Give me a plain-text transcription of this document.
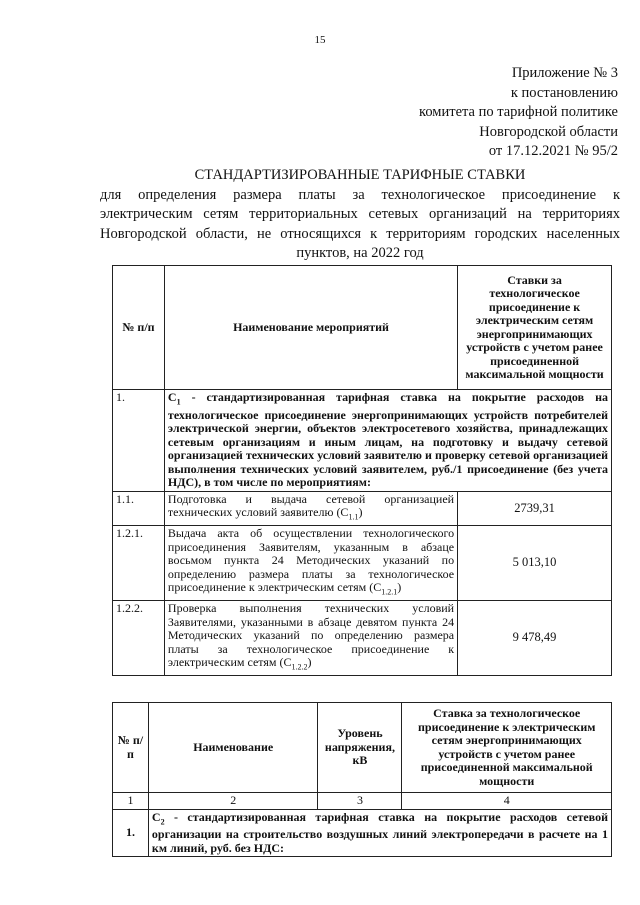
15
Приложение № 3
к постановлению
комитета по тарифной политике
Новгородской области
от 17.12.2021 № 95/2
СТАНДАРТИЗИРОВАННЫЕ ТАРИФНЫЕ СТАВКИ
для определения размера платы за технологическое присоединение к электрическим сетям территориальных сетевых организаций на территориях Новгородской области, не относящихся к территориям городских населенных пунктов, на 2022 год
№ п/п	Наименование мероприятий	Ставки за технологическое присоединение к электрическим сетям энергопринимающих устройств с учетом ранее присоединенной максимальной мощности
1.	$С_1$ - стандартизированная тарифная ставка на покрытие расходов на технологическое присоединение энергопринимающих устройств потребителей электрической энергии, объектов электросетевого хозяйства, принадлежащих сетевым организациям и иным лицам, на подготовку и выдачу сетевой организацией технических условий заявителю и проверку сетевой организацией выполнения технических условий заявителем, руб./1 присоединение (без учета НДС), в том числе по мероприятиям:	
1.1.	Подготовка и выдача сетевой организацией технических условий заявителю $(С_{1.1})$	2739,31
1.2.1.	Выдача акта об осуществлении технологического присоединения Заявителям, указанным в абзаце восьмом пункта 24 Методических указаний по определению размера платы за технологическое присоединение к электрическим сетям $(С_{1.2.1})$	5 013,10
1.2.2.	Проверка выполнения технических условий Заявителями, указанными в абзаце девятом пункта 24 Методических указаний по определению размера платы за технологическое присоединение к электрическим сетям $(С_{1.2.2})$	9 478,49
№ п/п	Наименование	Уровень напряжения, кВ	Ставка за технологическое присоединение к электрическим сетям энергопринимающих устройств с учетом ранее присоединенной максимальной мощности
1	2	3	4
1.	$С_2$ - стандартизированная тарифная ставка на покрытие расходов сетевой организации на строительство воздушных линий электропередачи в расчете на 1 км линий, руб. без НДС:		
